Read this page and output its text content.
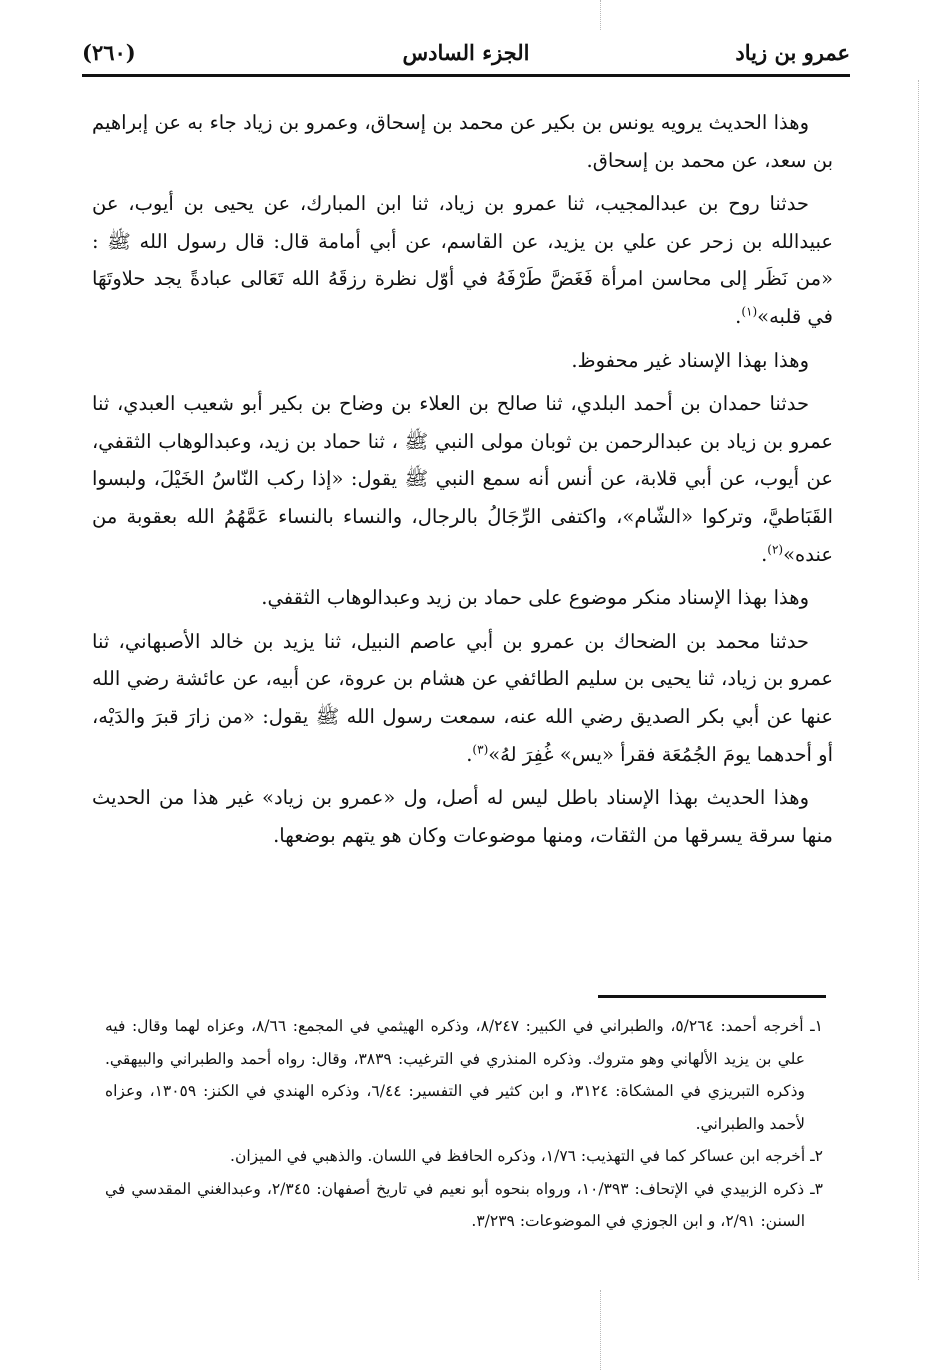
عمرو بن زياد
الجزء السادس
(٢٦٠)

وهذا الحديث يرويه يونس بن بكير عن محمد بن إسحاق، وعمرو بن زياد جاء به عن إبراهيم بن سعد، عن محمد بن إسحاق.

حدثنا روح بن عبدالمجيب، ثنا عمرو بن زياد، ثنا ابن المبارك، عن يحيى بن أيوب، عن عبيدالله بن زحر عن علي بن يزيد، عن القاسم، عن أبي أمامة قال: قال رسول الله ﷺ : «من نَظَر إلى محاسن امرأة فَغَضَّ طَرْفَهُ في أوّل نظرة رزقَهُ الله تَعَالى عبادةً يجد حلاوتَهَا في قلبه»$^{(١)}$.

وهذا بهذا الإسناد غير محفوظ.

حدثنا حمدان بن أحمد البلدي، ثنا صالح بن العلاء بن وضاح بن بكير أبو شعيب العبدي، ثنا عمرو بن زياد بن عبدالرحمن بن ثوبان مولى النبي ﷺ ، ثنا حماد بن زيد، وعبدالوهاب الثقفي، عن أيوب، عن أبي قلابة، عن أنس أنه سمع النبي ﷺ يقول: «إذا ركب النّاسُ الخَيْلَ، ولبسوا القَبَاطيَّ، وتركوا «الشّام»، واكتفى الرِّجَالُ بالرجال، والنساء بالنساء عَمَّهُمُ الله بعقوبة من عنده»$^{(٢)}$.

وهذا بهذا الإسناد منكر موضوع على حماد بن زيد وعبدالوهاب الثقفي.

حدثنا محمد بن الضحاك بن عمرو بن أبي عاصم النبيل، ثنا يزيد بن خالد الأصبهاني، ثنا عمرو بن زياد، ثنا يحيى بن سليم الطائفي عن هشام بن عروة، عن أبيه، عن عائشة رضي الله عنها عن أبي بكر الصديق رضي الله عنه، سمعت رسول الله ﷺ يقول: «من زارَ قبرَ والدَيْه، أو أحدهما يومَ الجُمُعَة فقرأ «يس» غُفِرَ لهُ»$^{(٣)}$.

وهذا الحديث بهذا الإسناد باطل ليس له أصل، ول «عمرو بن زياد» غير هذا من الحديث منها سرقة يسرقها من الثقات، ومنها موضوعات وكان هو يتهم بوضعها.

١ـ أخرجه أحمد: ٥/٢٦٤، والطبراني في الكبير: ٨/٢٤٧، وذكره الهيثمي في المجمع: ٨/٦٦، وعزاه لهما وقال: فيه علي بن يزيد الألهاني وهو متروك. وذكره المنذري في الترغيب: ٣٨٣٩، وقال: رواه أحمد والطبراني والبيهقي. وذكره التبريزي في المشكاة: ٣١٢٤، و ابن كثير في التفسير: ٦/٤٤، وذكره الهندي في الكنز: ١٣٠٥٩، وعزاه لأحمد والطبراني.

٢ـ أخرجه ابن عساكر كما في التهذيب: ١/٧٦، وذكره الحافظ في اللسان. والذهبي في الميزان.

٣ـ ذكره الزبيدي في الإتحاف: ١٠/٣٩٣، ورواه بنحوه أبو نعيم في تاريخ أصفهان: ٢/٣٤٥، وعبدالغني المقدسي في السنن: ٢/٩١، و ابن الجوزي في الموضوعات: ٣/٢٣٩.
